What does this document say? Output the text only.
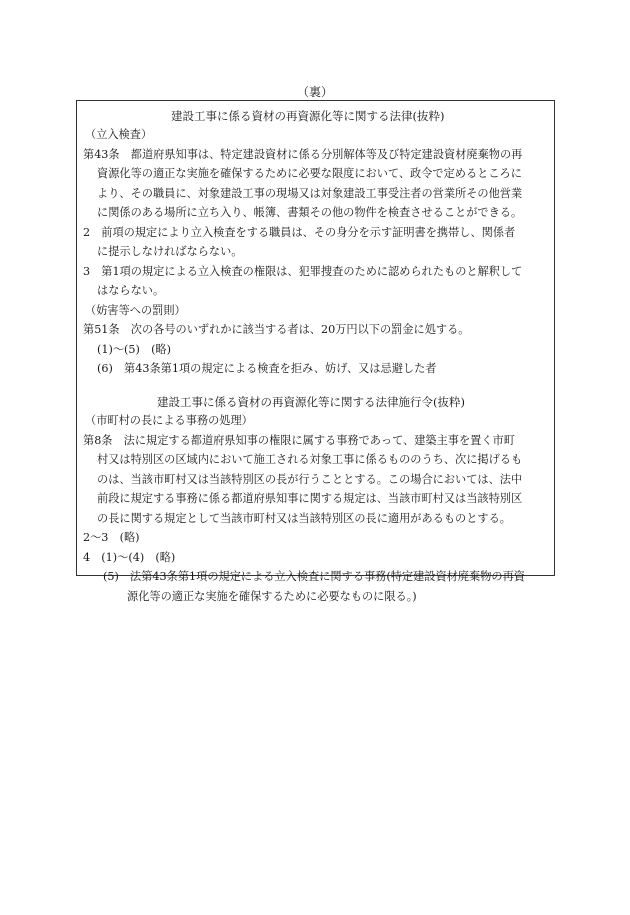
（裏）
建設工事に係る資材の再資源化等に関する法律(抜粋)
（立入検査）
第43条　都道府県知事は、特定建設資材に係る分別解体等及び特定建設資材廃棄物の再
資源化等の適正な実施を確保するために必要な限度において、政令で定めるところに
より、その職員に、対象建設工事の現場又は対象建設工事受注者の営業所その他営業
に関係のある場所に立ち入り、帳簿、書類その他の物件を検査させることができる。
2　前項の規定により立入検査をする職員は、その身分を示す証明書を携帯し、関係者
に提示しなければならない。
3　第1項の規定による立入検査の権限は、犯罪捜査のために認められたものと解釈して
はならない。
（妨害等への罰則）
第51条　次の各号のいずれかに該当する者は、20万円以下の罰金に処する。
(1)～(5)　(略)
(6)　第43条第1項の規定による検査を拒み、妨げ、又は忌避した者
建設工事に係る資材の再資源化等に関する法律施行令(抜粋)
（市町村の長による事務の処理）
第8条　法に規定する都道府県知事の権限に属する事務であって、建築主事を置く市町
村又は特別区の区域内において施工される対象工事に係るもののうち、次に掲げるも
のは、当該市町村又は当該特別区の長が行うこととする。この場合においては、法中
前段に規定する事務に係る都道府県知事に関する規定は、当該市町村又は当該特別区
の長に関する規定として当該市町村又は当該特別区の長に適用があるものとする。
2～3　(略)
4　(1)～(4)　(略)
(5)　法第43条第1項の規定による立入検査に関する事務(特定建設資材廃棄物の再資
源化等の適正な実施を確保するために必要なものに限る。)
